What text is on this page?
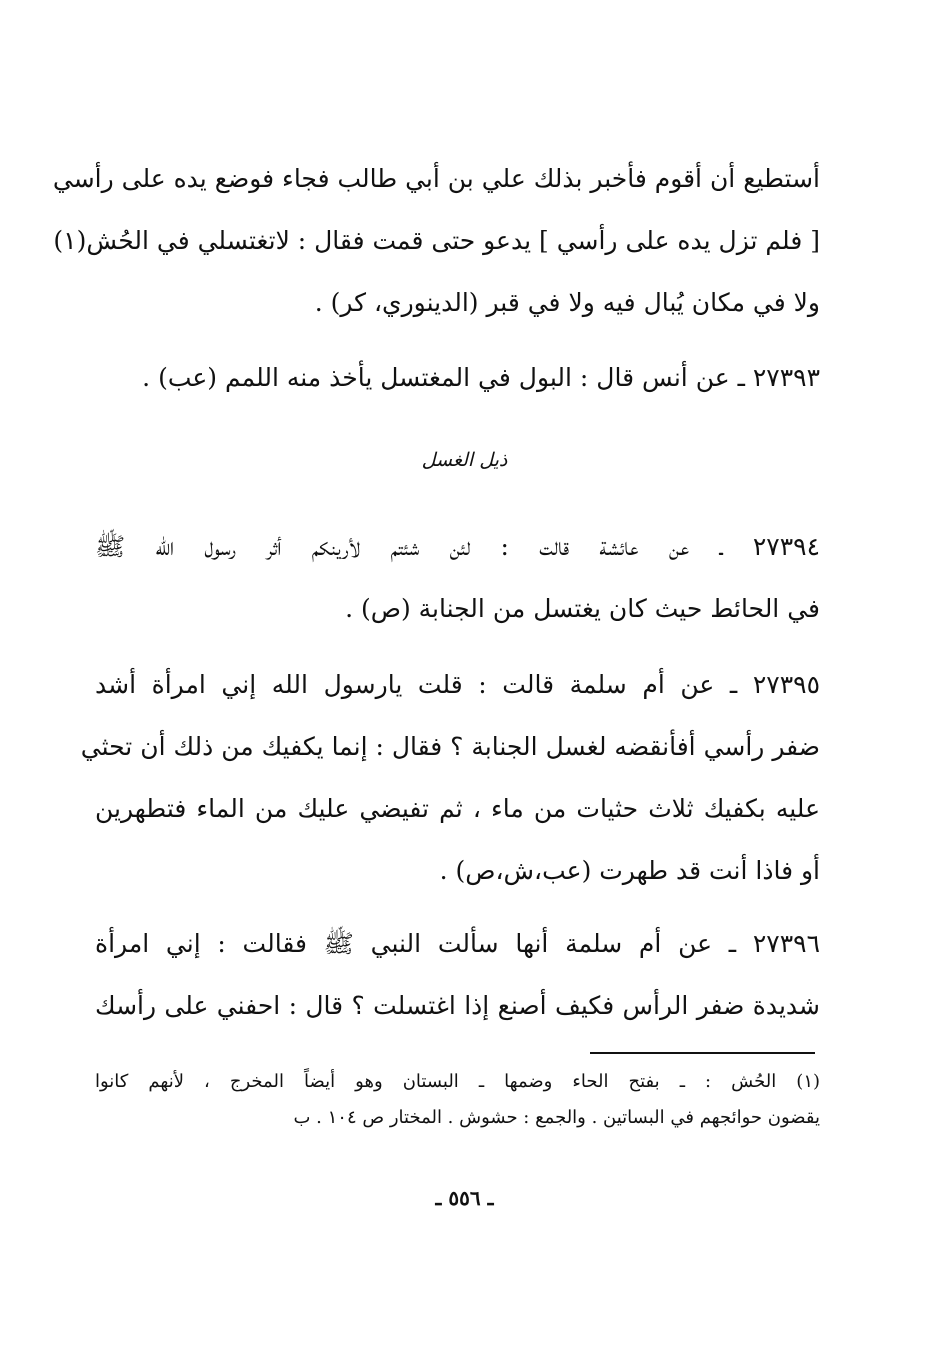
أستطيع أن أقوم فأخبر بذلك علي بن أبي طالب فجاء فوضع يده على رأسي
[ فلم تزل يده على رأسي ] يدعو حتى قمت فقال : لاتغتسلي في الحُش(١)
ولا في مكان يُبال فيه ولا في قبر (الدينوري، كر) .
٢٧٣٩٣ ـ عن أنس قال : البول في المغتسل يأخذ منه اللمم (عب) .
ذيل الغسل
٢٧٣٩٤ ـ عن عائشة قالت : لئن شئتم لأرينكم أثر رسول الله ﷺ
في الحائط حيث كان يغتسل من الجنابة (ص) .
٢٧٣٩٥ ـ عن أم سلمة قالت : قلت يارسول الله إني امرأة أشد
ضفر رأسي أفأنقضه لغسل الجنابة ؟ فقال : إنما يكفيك من ذلك أن تحثي
عليه بكفيك ثلاث حثيات من ماء ، ثم تفيضي عليك من الماء فتطهرين
أو فاذا أنت قد طهرت (عب،ش،ص) .
٢٧٣٩٦ ـ عن أم سلمة أنها سألت النبي ﷺ فقالت : إني امرأة
شديدة ضفر الرأس فكيف أصنع إذا اغتسلت ؟ قال : احفني على رأسك
(١) الحُش : ـ بفتح الحاء وضمها ـ البستان وهو أيضاً المخرج ، لأنهم كانوا
يقضون حوائجهم في البساتين . والجمع : حشوش . المختار ص ١٠٤ . ب
ـ ٥٥٦ ـ
